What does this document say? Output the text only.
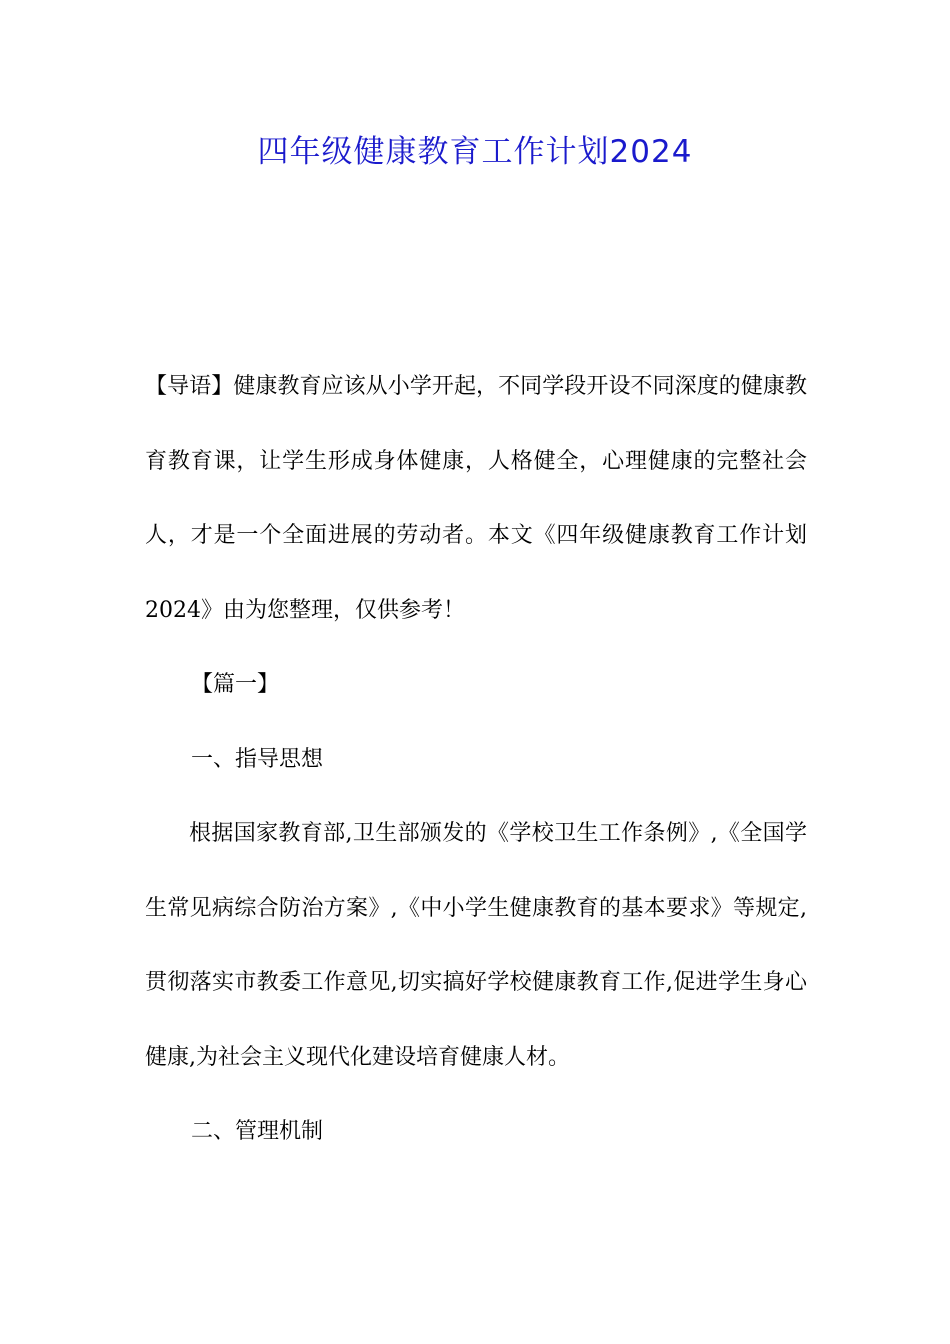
四年级健康教育工作计划2024

【导语】健康教育应该从小学开起，不同学段开设不同深度的健康教育教育课，让学生形成身体健康，人格健全，心理健康的完整社会人，才是一个全面进展的劳动者。本文《四年级健康教育工作计划2024》由为您整理，仅供参考！

【篇一】

一、指导思想

根据国家教育部,卫生部颁发的《学校卫生工作条例》,《全国学生常见病综合防治方案》,《中小学生健康教育的基本要求》等规定,贯彻落实市教委工作意见,切实搞好学校健康教育工作,促进学生身心健康,为社会主义现代化建设培育健康人材。

二、管理机制
